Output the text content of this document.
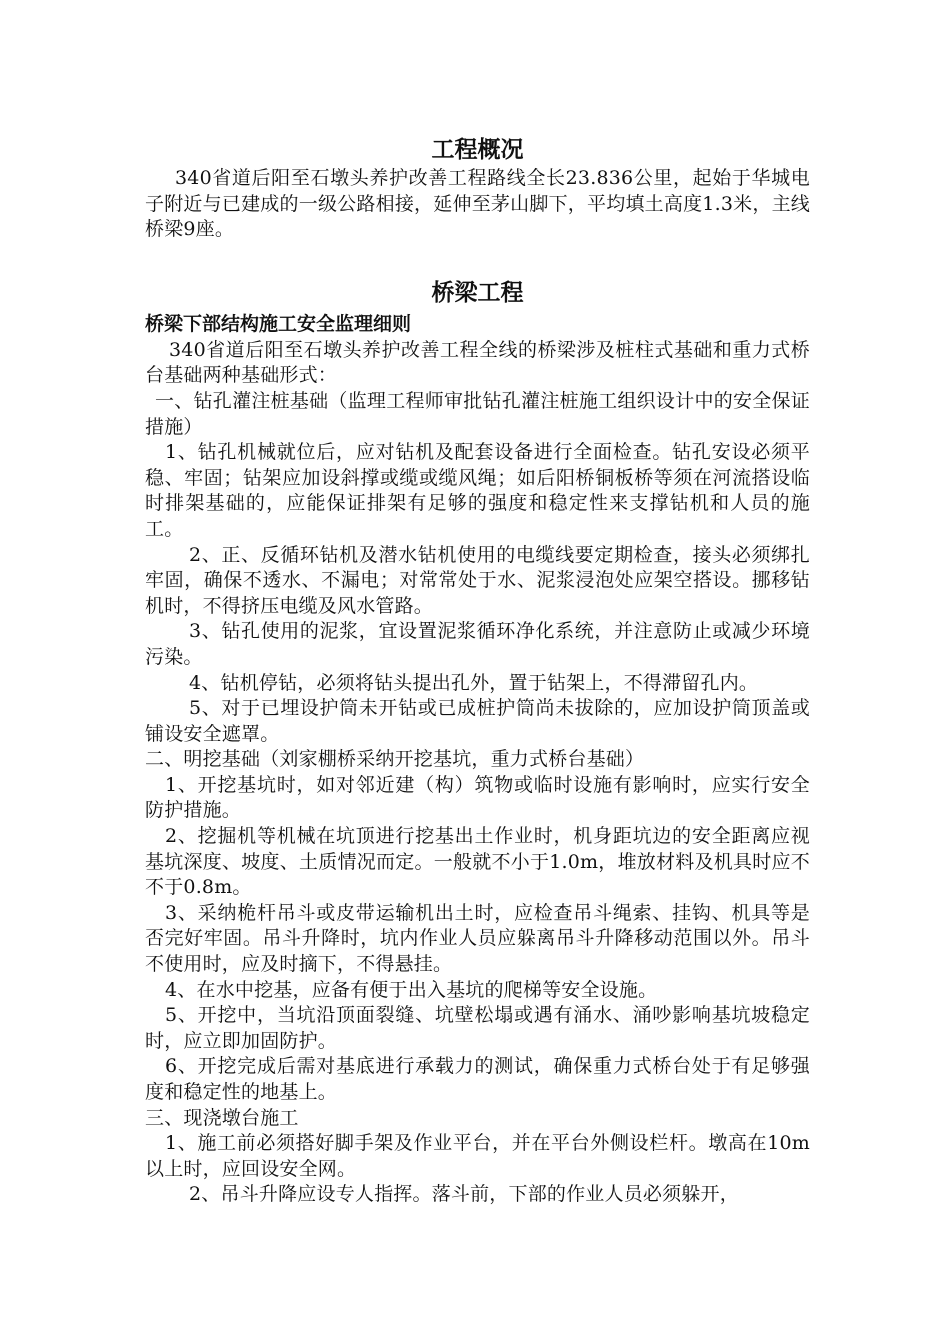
工程概况

340省道后阳至石墩头养护改善工程路线全长23.836公里，起始于华城电子附近与已建成的一级公路相接，延伸至茅山脚下，平均填土高度1.3米，主线桥梁9座。

桥梁工程
桥梁下部结构施工安全监理细则

340省道后阳至石墩头养护改善工程全线的桥梁涉及桩柱式基础和重力式桥台基础两种基础形式：

一、钻孔灌注桩基础（监理工程师审批钻孔灌注桩施工组织设计中的安全保证措施）

1、钻孔机械就位后，应对钻机及配套设备进行全面检查。钻孔安设必须平稳、牢固；钻架应加设斜撑或缆或缆风绳；如后阳桥铜板桥等须在河流搭设临时排架基础的，应能保证排架有足够的强度和稳定性来支撑钻机和人员的施工。

2、正、反循环钻机及潜水钻机使用的电缆线要定期检查，接头必须绑扎牢固，确保不透水、不漏电；对常常处于水、泥浆浸泡处应架空搭设。挪移钻机时，不得挤压电缆及风水管路。

3、钻孔使用的泥浆，宜设置泥浆循环净化系统，并注意防止或减少环境污染。

4、钻机停钻，必须将钻头提出孔外，置于钻架上，不得滞留孔内。

5、对于已埋设护筒未开钻或已成桩护筒尚未拔除的，应加设护筒顶盖或铺设安全遮罩。

二、明挖基础（刘家棚桥采纳开挖基坑，重力式桥台基础）

1、开挖基坑时，如对邻近建（构）筑物或临时设施有影响时，应实行安全防护措施。

2、挖掘机等机械在坑顶进行挖基出土作业时，机身距坑边的安全距离应视基坑深度、坡度、土质情况而定。一般就不小于1.0m，堆放材料及机具时应不不于0.8m。

3、采纳桅杆吊斗或皮带运输机出土时，应检查吊斗绳索、挂钩、机具等是否完好牢固。吊斗升降时，坑内作业人员应躲离吊斗升降移动范围以外。吊斗不使用时，应及时摘下，不得悬挂。

4、在水中挖基，应备有便于出入基坑的爬梯等安全设施。

5、开挖中，当坑沿顶面裂缝、坑壁松塌或遇有涌水、涌吵影响基坑坡稳定时，应立即加固防护。

6、开挖完成后需对基底进行承载力的测试，确保重力式桥台处于有足够强度和稳定性的地基上。

三、现浇墩台施工

1、施工前必须搭好脚手架及作业平台，并在平台外侧设栏杆。墩高在10m以上时，应回设安全网。

2、吊斗升降应设专人指挥。落斗前，下部的作业人员必须躲开，
